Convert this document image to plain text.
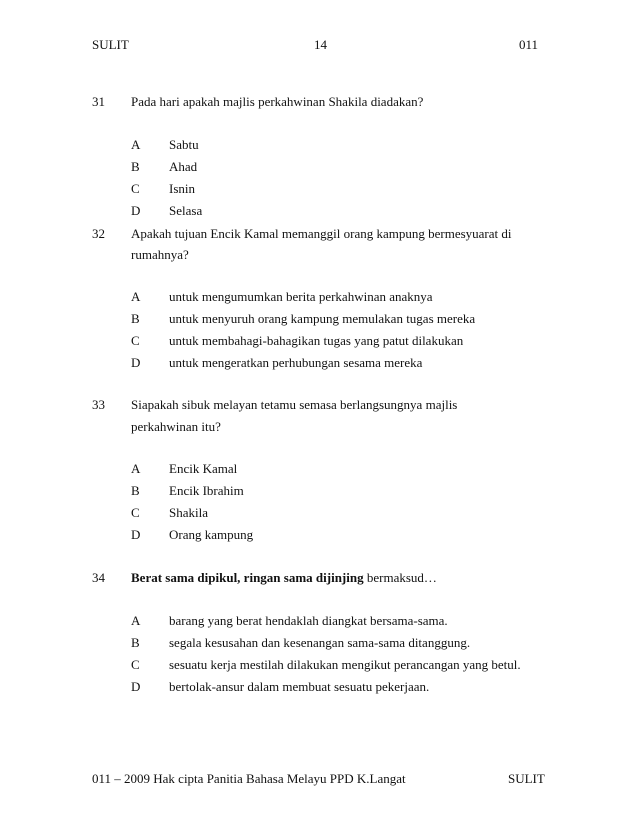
SULIT	14	011
31 Pada hari apakah majlis perkahwinan Shakila diadakan?
A Sabtu
B Ahad
C Isnin
D Selasa
32 Apakah tujuan Encik Kamal memanggil orang kampung bermesyuarat di
rumahnya?
A untuk mengumumkan berita perkahwinan anaknya
B untuk menyuruh orang kampung memulakan tugas mereka
C untuk membahagi-bahagikan tugas yang patut dilakukan
D untuk mengeratkan perhubungan sesama mereka
33 Siapakah sibuk melayan tetamu semasa berlangsungnya majlis
perkahwinan itu?
A Encik Kamal
B Encik Ibrahim
C Shakila
D Orang kampung
34 Berat sama dipikul, ringan sama dijinjing bermaksud…
A barang yang berat hendaklah diangkat bersama-sama.
B segala kesusahan dan kesenangan sama-sama ditanggung.
C sesuatu kerja mestilah dilakukan mengikut perancangan yang betul.
D bertolak-ansur dalam membuat sesuatu pekerjaan.
011 – 2009 Hak cipta Panitia Bahasa Melayu PPD K.Langat	SULIT
